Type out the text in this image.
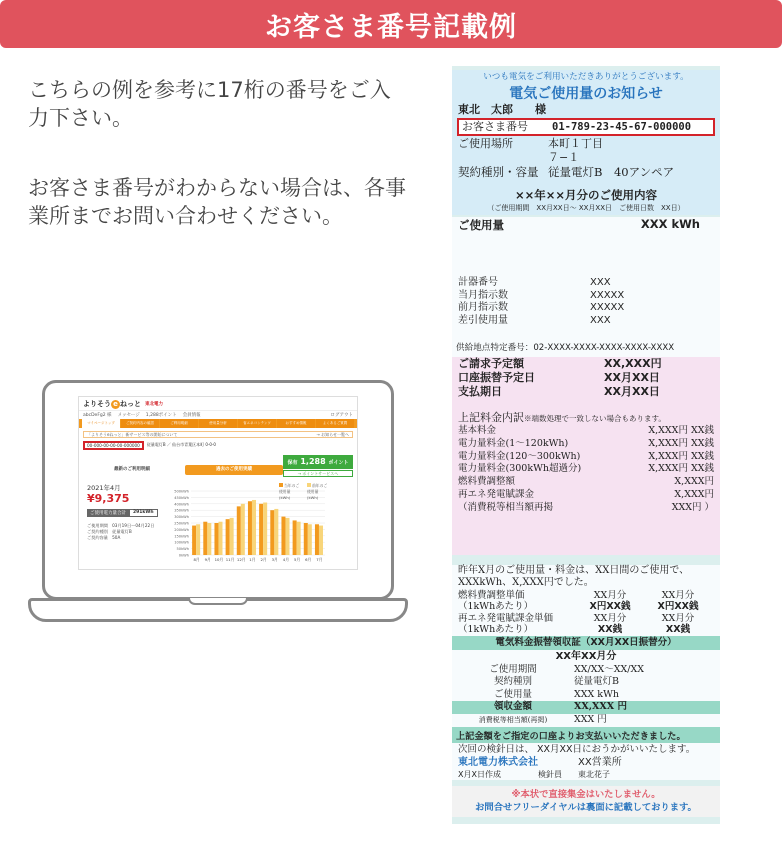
お客さま番号記載例

こちらの例を参考に17桁の番号をご入力下さい。

お客さま番号がわからない場合は、各事業所までお問い合わせください。

よりそう e ねっと 東北電力
abcDeFg2 様 メッセージ 1,288ポイント 会員情報	ログアウト
マイページトップ	ご契約内容の確認	ご利用明細	使用量分析	省エネコンテンツ	おすすめ情報	よくあるご質問
「よりそうeねっと」新サービス等の開始について	→ お知らせ一覧へ
00-000-00-00-00-000000	従量電灯B ／ 仙台市青葉区本町 0-0-0
保有 1,288 ポイント
→ ポイントサービスへ
最新のご利用明細	過去のご使用実績
2021年4月
¥9,375
ご使用電力量合計	291kWh
ご使用期間　03月19日〜04月22日
ご契約種別　従量電灯B
ご契約容量　50A
当年のご使用量(kWh)
前年のご使用量(kWh)
500kWh
450kWh
400kWh
350kWh
300kWh
250kWh
200kWh
150kWh
100kWh
50kWh
0kWh
8月 9月 10月 11月 12月 1月 2月 3月 4月 5月 6月 7月
いつも電気をご利用いただきありがとうございます。
電気ご使用量のお知らせ
東北　太郎　　様
お客さま番号	01-789-23-45-67-000000
ご使用場所	本町１丁目
７−１
契約種別・容量 従量電灯B　40アンペア
××年××月分のご使用内容
（ご使用期間　XX月XX日〜 XX月XX日　ご使用日数　XX日）
ご使用量	XXX kWh
計器番号	XXX
当月指示数	XXXXX
前月指示数	XXXXX
差引使用量	XXX
供給地点特定番号：02-XXXX-XXXX-XXXX-XXXX-XXXX
ご請求予定額	XX,XXX円
口座振替予定日	XX月XX日
支払期日	XX月XX日
上記料金内訳※端数処理で一致しない場合もあります。
基本料金	X,XXX円 XX銭
電力量料金(1〜120kWh)	X,XXX円 XX銭
電力量料金(120〜300kWh)	X,XXX円 XX銭
電力量料金(300kWh超過分)	X,XXX円 XX銭
燃料費調整額	X,XXX円
再エネ発電賦課金	X,XXX円
（消費税等相当額再掲	XXX円 ）
昨年X月のご使用量・料金は、XX日間のご使用で、XXXkWh、X,XXX円でした。
燃料費調整単価	XX月分	XX月分
（1kWhあたり）	X円XX銭	X円XX銭
再エネ発電賦課金単価	XX月分	XX月分
（1kWhあたり）	XX銭	XX銭
電気料金振替領収証（XX月XX日振替分）
XX年XX月分
ご使用期間	XX/XX〜XX/XX
契約種別	従量電灯B
ご使用量	XXX kWh
領収金額	XX,XXX 円
消費税等相当額(再掲)	XXX 円
上記金額をご指定の口座よりお支払いいただきました。
次回の検針日は、 XX月XX日におうかがいいたします。
東北電力株式会社	XX営業所
X月X日作成	検針員	東北花子
※本状で直接集金はいたしません。
お問合せフリーダイヤルは裏面に記載しております。
